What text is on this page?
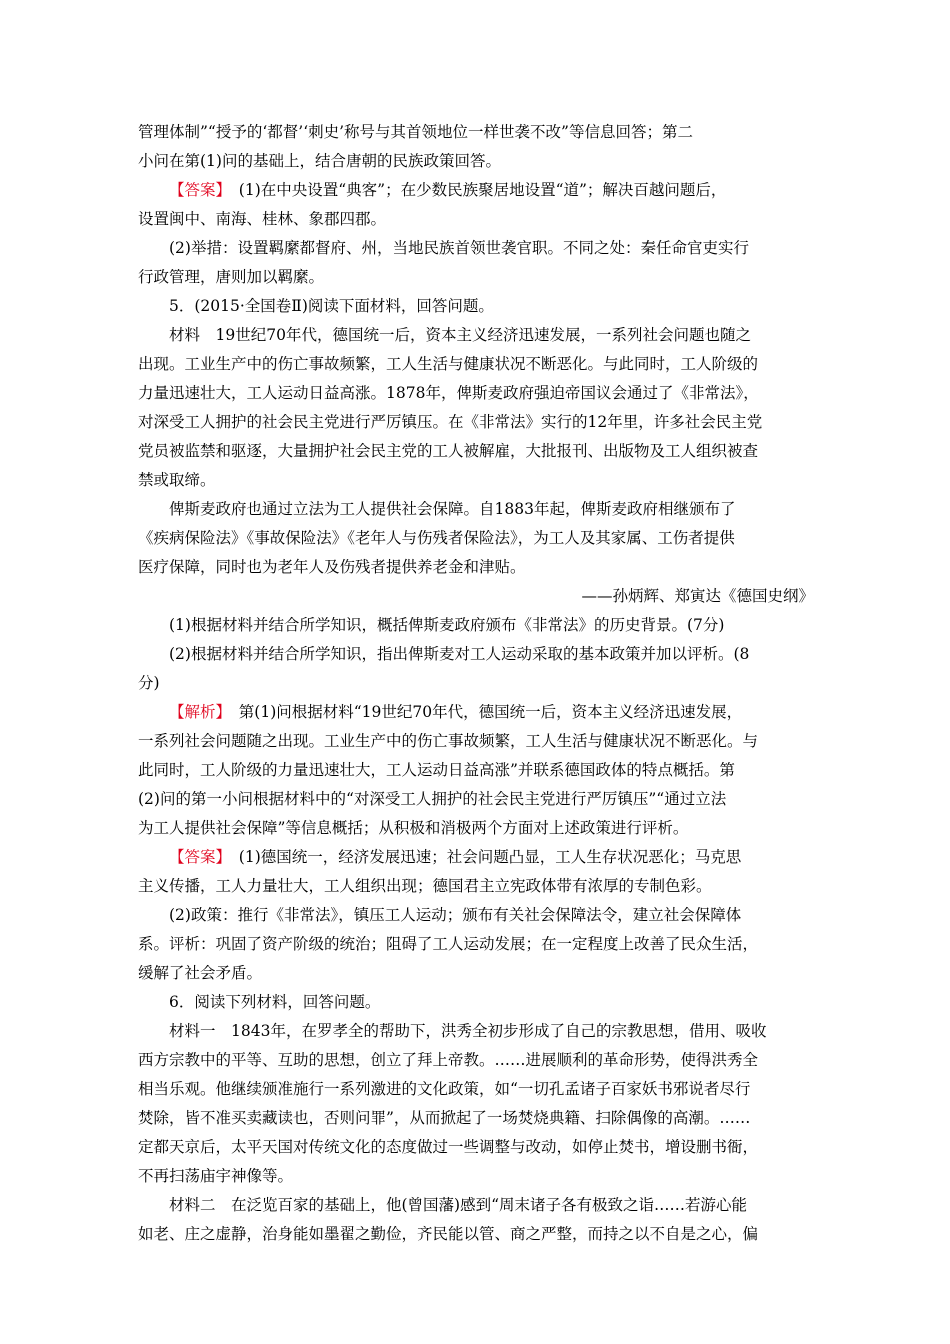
管理体制”“授予的‘都督’‘刺史’称号与其首领地位一样世袭不改”等信息回答；第二
小问在第(1)问的基础上，结合唐朝的民族政策回答。

【答案】　 (1)在中央设置“典客”；在少数民族聚居地设置“道”；解决百越问题后，

设置闽中、南海、桂林、象郡四郡。

(2)举措：设置羁縻都督府、州，当地民族首领世袭官职。不同之处：秦任命官吏实行

行政管理，唐则加以羁縻。

5．(2015·全国卷Ⅱ)阅读下面材料，回答问题。

材料　19世纪70年代，德国统一后，资本主义经济迅速发展，一系列社会问题也随之

出现。工业生产中的伤亡事故频繁，工人生活与健康状况不断恶化。与此同时，工人阶级的

力量迅速壮大，工人运动日益高涨。1878年，俾斯麦政府强迫帝国议会通过了《非常法》，

对深受工人拥护的社会民主党进行严厉镇压。在《非常法》实行的12年里，许多社会民主党

党员被监禁和驱逐，大量拥护社会民主党的工人被解雇，大批报刊、出版物及工人组织被查

禁或取缔。

俾斯麦政府也通过立法为工人提供社会保障。自1883年起，俾斯麦政府相继颁布了

《疾病保险法》《事故保险法》《老年人与伤残者保险法》，为工人及其家属、工伤者提供

医疗保障，同时也为老年人及伤残者提供养老金和津贴。

——孙炳辉、郑寅达《德国史纲》

(1)根据材料并结合所学知识，概括俾斯麦政府颁布《非常法》的历史背景。(7分)

(2)根据材料并结合所学知识，指出俾斯麦对工人运动采取的基本政策并加以评析。(8

分)

【解析】　 第(1)问根据材料“19世纪70年代，德国统一后，资本主义经济迅速发展，

一系列社会问题随之出现。工业生产中的伤亡事故频繁，工人生活与健康状况不断恶化。与

此同时，工人阶级的力量迅速壮大，工人运动日益高涨”并联系德国政体的特点概括。第

(2)问的第一小问根据材料中的“对深受工人拥护的社会民主党进行严厉镇压”“通过立法

为工人提供社会保障”等信息概括；从积极和消极两个方面对上述政策进行评析。

【答案】　 (1)德国统一，经济发展迅速；社会问题凸显，工人生存状况恶化；马克思

主义传播，工人力量壮大，工人组织出现；德国君主立宪政体带有浓厚的专制色彩。

(2)政策：推行《非常法》，镇压工人运动；颁布有关社会保障法令，建立社会保障体

系。评析：巩固了资产阶级的统治；阻碍了工人运动发展；在一定程度上改善了民众生活，

缓解了社会矛盾。

6．阅读下列材料，回答问题。

材料一　1843年，在罗孝全的帮助下，洪秀全初步形成了自己的宗教思想，借用、吸收

西方宗教中的平等、互助的思想，创立了拜上帝教。……进展顺利的革命形势，使得洪秀全

相当乐观。他继续颁准施行一系列激进的文化政策，如“一切孔孟诸子百家妖书邪说者尽行

焚除，皆不准买卖藏读也，否则问罪”，从而掀起了一场焚烧典籍、扫除偶像的高潮。……

定都天京后，太平天国对传统文化的态度做过一些调整与改动，如停止焚书，增设删书衙，

不再扫荡庙宇神像等。

材料二　在泛览百家的基础上，他(曾国藩)感到“周末诸子各有极致之诣……若游心能

如老、庄之虚静，治身能如墨翟之勤俭，齐民能以管、商之严整，而持之以不自是之心，偏
